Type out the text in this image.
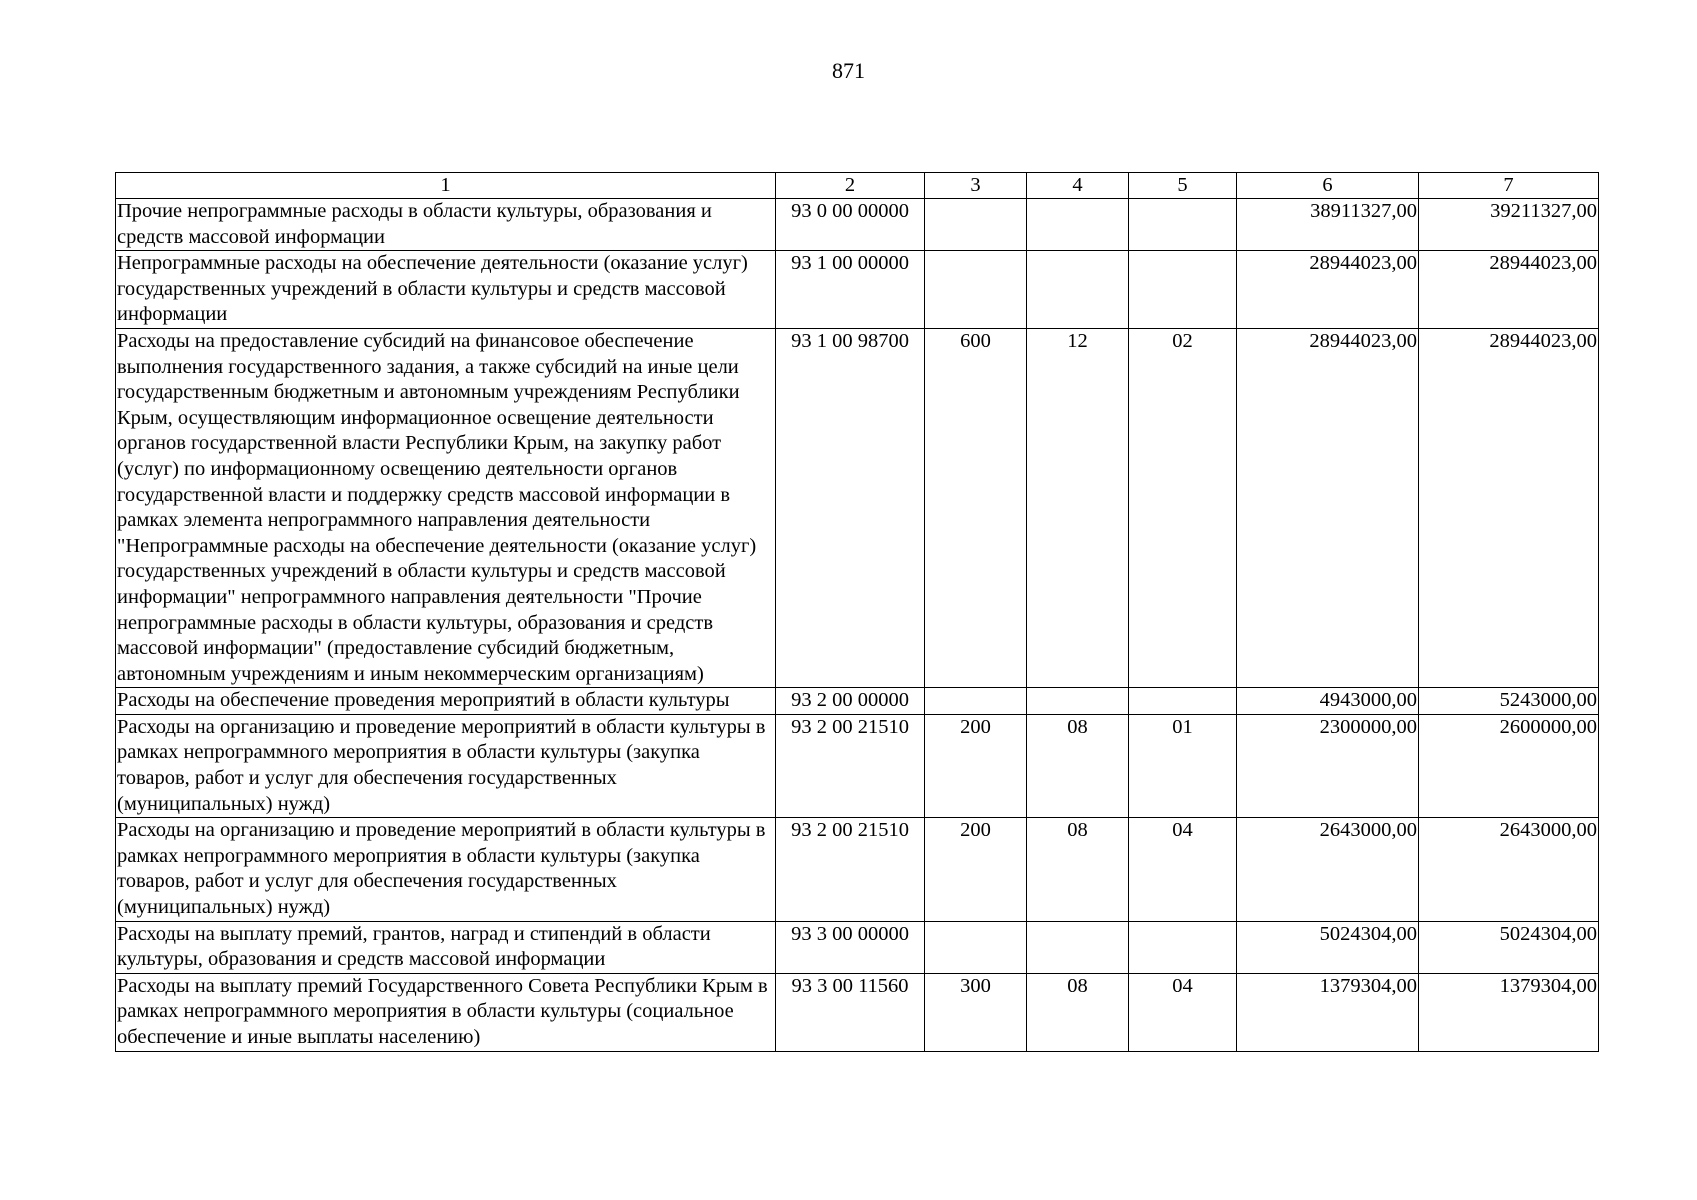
871
1	2	3	4	5	6	7
Прочие непрограммные расходы в области культуры, образования и средств массовой информации	93 0 00 00000				38911327,00	39211327,00
Непрограммные расходы на обеспечение деятельности (оказание услуг) государственных учреждений в области культуры и средств массовой информации	93 1 00 00000				28944023,00	28944023,00
Расходы на предоставление субсидий на финансовое обеспечение выполнения государственного задания, а также субсидий на иные цели государственным бюджетным и автономным учреждениям Республики Крым, осуществляющим информационное освещение деятельности органов государственной власти Республики Крым, на закупку работ (услуг) по информационному освещению деятельности органов государственной власти и поддержку средств массовой информации в рамках элемента непрограммного направления деятельности "Непрограммные расходы на обеспечение деятельности (оказание услуг) государственных учреждений в области культуры и средств массовой информации" непрограммного направления деятельности "Прочие непрограммные расходы в области культуры, образования и средств массовой информации" (предоставление субсидий бюджетным, автономным учреждениям и иным некоммерческим организациям)	93 1 00 98700	600	12	02	28944023,00	28944023,00
Расходы на обеспечение проведения мероприятий в области культуры	93 2 00 00000				4943000,00	5243000,00
Расходы на организацию и проведение мероприятий в области культуры в рамках непрограммного мероприятия в области культуры (закупка товаров, работ и услуг для обеспечения государственных (муниципальных) нужд)	93 2 00 21510	200	08	01	2300000,00	2600000,00
Расходы на организацию и проведение мероприятий в области культуры в рамках непрограммного мероприятия в области культуры (закупка товаров, работ и услуг для обеспечения государственных (муниципальных) нужд)	93 2 00 21510	200	08	04	2643000,00	2643000,00
Расходы на выплату премий, грантов, наград и стипендий в области культуры, образования и средств массовой информации	93 3 00 00000				5024304,00	5024304,00
Расходы на выплату премий Государственного Совета Республики Крым в рамках непрограммного мероприятия в области культуры (социальное обеспечение и иные выплаты населению)	93 3 00 11560	300	08	04	1379304,00	1379304,00
